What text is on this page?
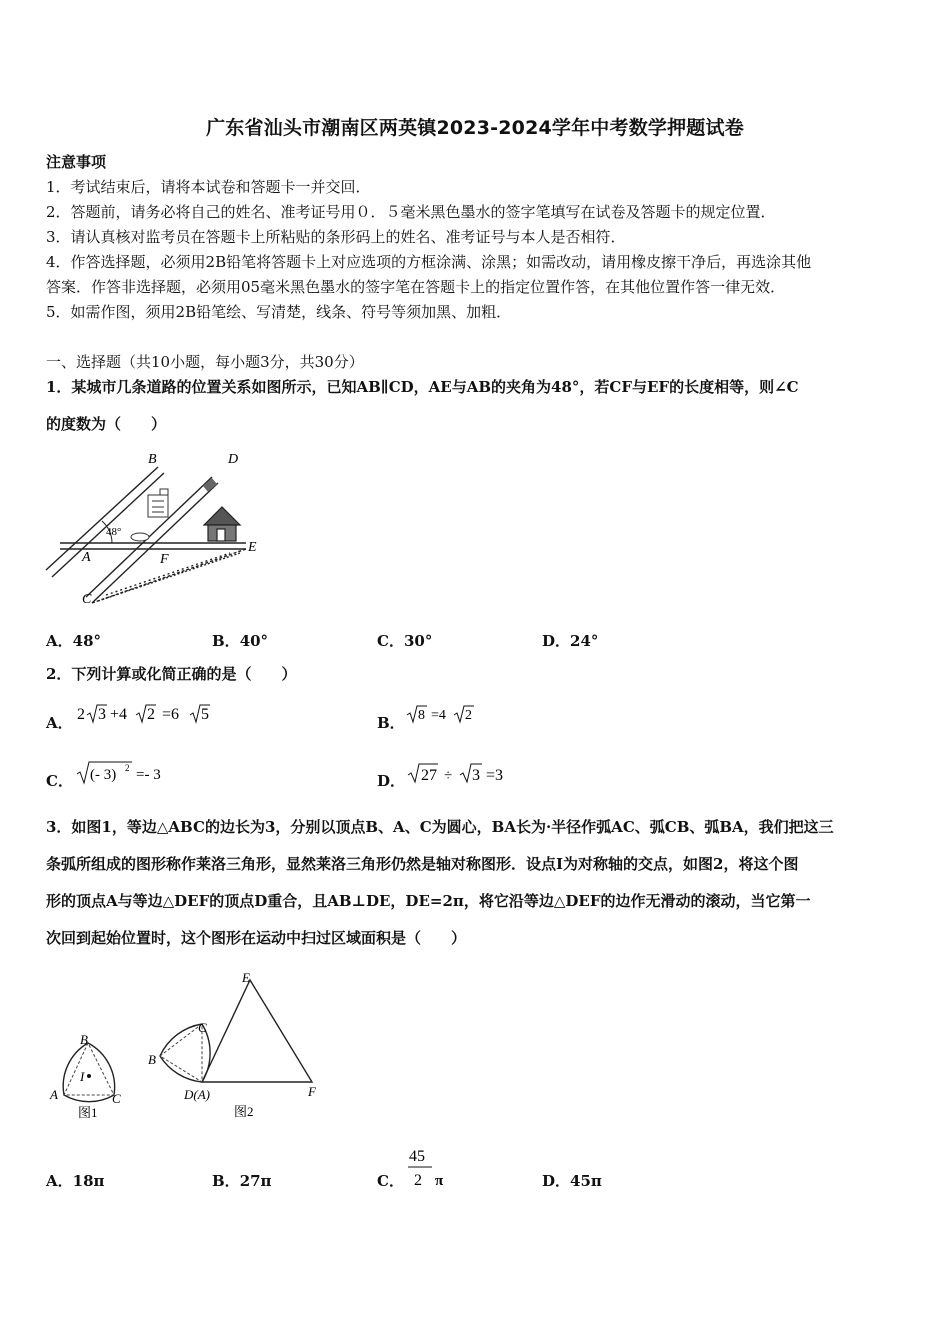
广东省汕头市潮南区两英镇2023-2024学年中考数学押题试卷
注意事项
1．考试结束后，请将本试卷和答题卡一并交回．
2．答题前，请务必将自己的姓名、准考证号用０．５毫米黑色墨水的签字笔填写在试卷及答题卡的规定位置．
3．请认真核对监考员在答题卡上所粘贴的条形码上的姓名、准考证号与本人是否相符．
4．作答选择题，必须用2B铅笔将答题卡上对应选项的方框涂满、涂黑；如需改动，请用橡皮擦干净后，再选涂其他
答案．作答非选择题，必须用05毫米黑色墨水的签字笔在答题卡上的指定位置作答，在其他位置作答一律无效．
5．如需作图，须用2B铅笔绘、写清楚，线条、符号等须加黑、加粗．
一、选择题（共10小题，每小题3分，共30分）
1．某城市几条道路的位置关系如图所示，已知AB∥CD，AE与AB的夹角为48°，若CF与EF的长度相等，则∠C
的度数为（　　）
B	D
A	F
E
C
48°
A．48°	B．40°	C．30°	D．24°
2．下列计算或化简正确的是（　　）
A． 2 3 +4 2 =6 5	B． 8 =4 2
C． (- 3) 2 =- 3	D． 27 ÷ 3 =3
3．如图1，等边△ABC的边长为3，分别以顶点B、A、C为圆心，BA长为·半径作弧AC、弧CB、弧BA，我们把这三
条弧所组成的图形称作莱洛三角形，显然莱洛三角形仍然是轴对称图形．设点I为对称轴的交点，如图2，将这个图
形的顶点A与等边△DEF的顶点D重合，且AB⊥DE，DE=2π，将它沿等边△DEF的边作无滑动的滚动，当它第一
次回到起始位置时，这个图形在运动中扫过区域面积是（　　）
B
A	C
I
图1
E
C
B
D(A)	F
图2
A．18π	B．27π	C．
45
2 π	D．45π
